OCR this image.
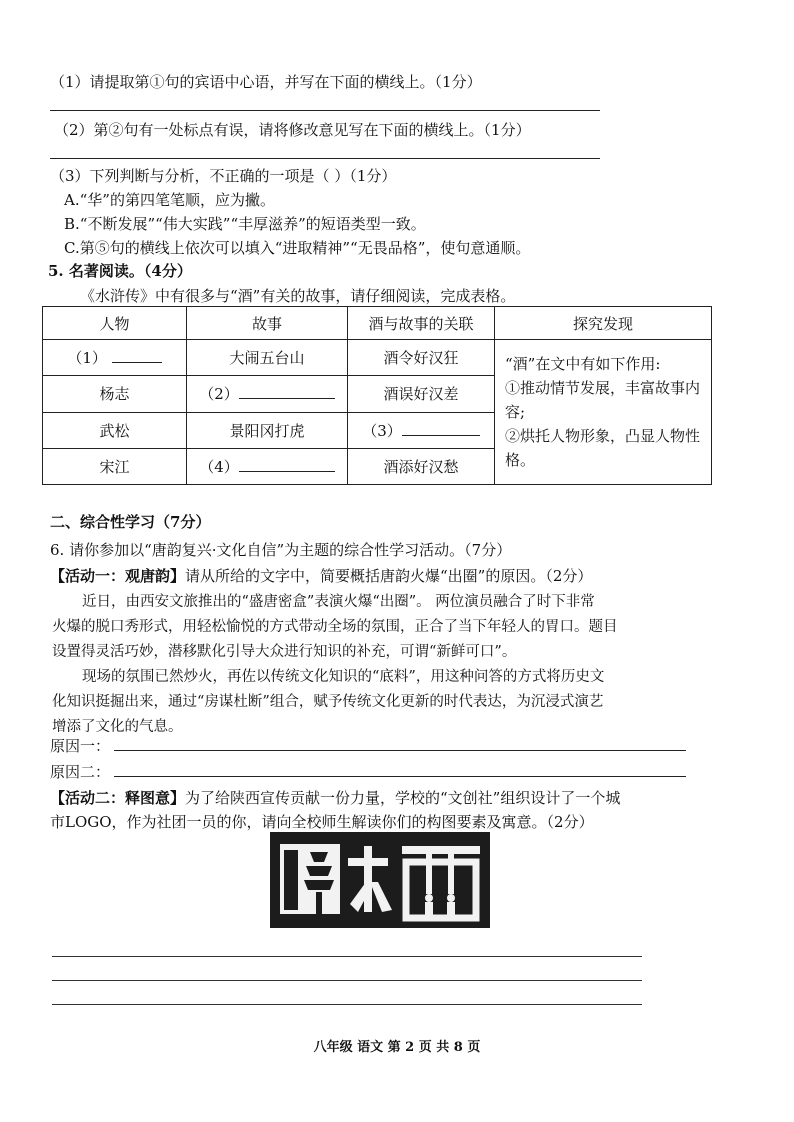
（1）请提取第①句的宾语中心语，并写在下面的横线上。（1分）
（2）第②句有一处标点有误，请将修改意见写在下面的横线上。（1分）
（3）下列判断与分析，不正确的一项是（ ）（1分）
A.“华”的第四笔笔顺，应为撇。
B.“不断发展”“伟大实践”“丰厚滋养”的短语类型一致。
C.第⑤句的横线上依次可以填入“进取精神”“无畏品格”，使句意通顺。
5. 名著阅读。（4分）
《水浒传》中有很多与“酒”有关的故事，请仔细阅读，完成表格。
人物	故事	酒与故事的关联	探究发现
（1）	大闹五台山	酒令好汉狂	“酒”在文中有如下作用:
①推动情节发展，丰富故事内容;
②烘托人物形象，凸显人物性格。

杨志	（2）	酒误好汉差	
武松	景阳冈打虎	（3）	
宋江	（4）	酒添好汉愁	
二、综合性学习（7分）
6. 请你参加以“唐韵复兴·文化自信”为主题的综合性学习活动。（7分）
【活动一：观唐韵】请从所给的文字中，简要概括唐韵火爆“出圈”的原因。（2分）
近日，由西安文旅推出的“盛唐密盒”表演火爆“出圈”。 两位演员融合了时下非常
火爆的脱口秀形式，用轻松愉悦的方式带动全场的氛围，正合了当下年轻人的胃口。题目
设置得灵活巧妙，潜移默化引导大众进行知识的补充，可谓“新鲜可口”。
现场的氛围已然炒火，再佐以传统文化知识的“底料”，用这种问答的方式将历史文
化知识挺掘出来，通过“房谋杜断”组合，赋予传统文化更新的时代表达，为沉浸式演艺
增添了文化的气息。
原因一：
原因二：
【活动二：释图意】为了给陕西宣传贡献一份力量，学校的“文创社”组织设计了一个城
市LOGO，作为社团一员的你，请向全校师生解读你们的构图要素及寓意。（2分）
八年级 语文 第 2 页 共 8 页
